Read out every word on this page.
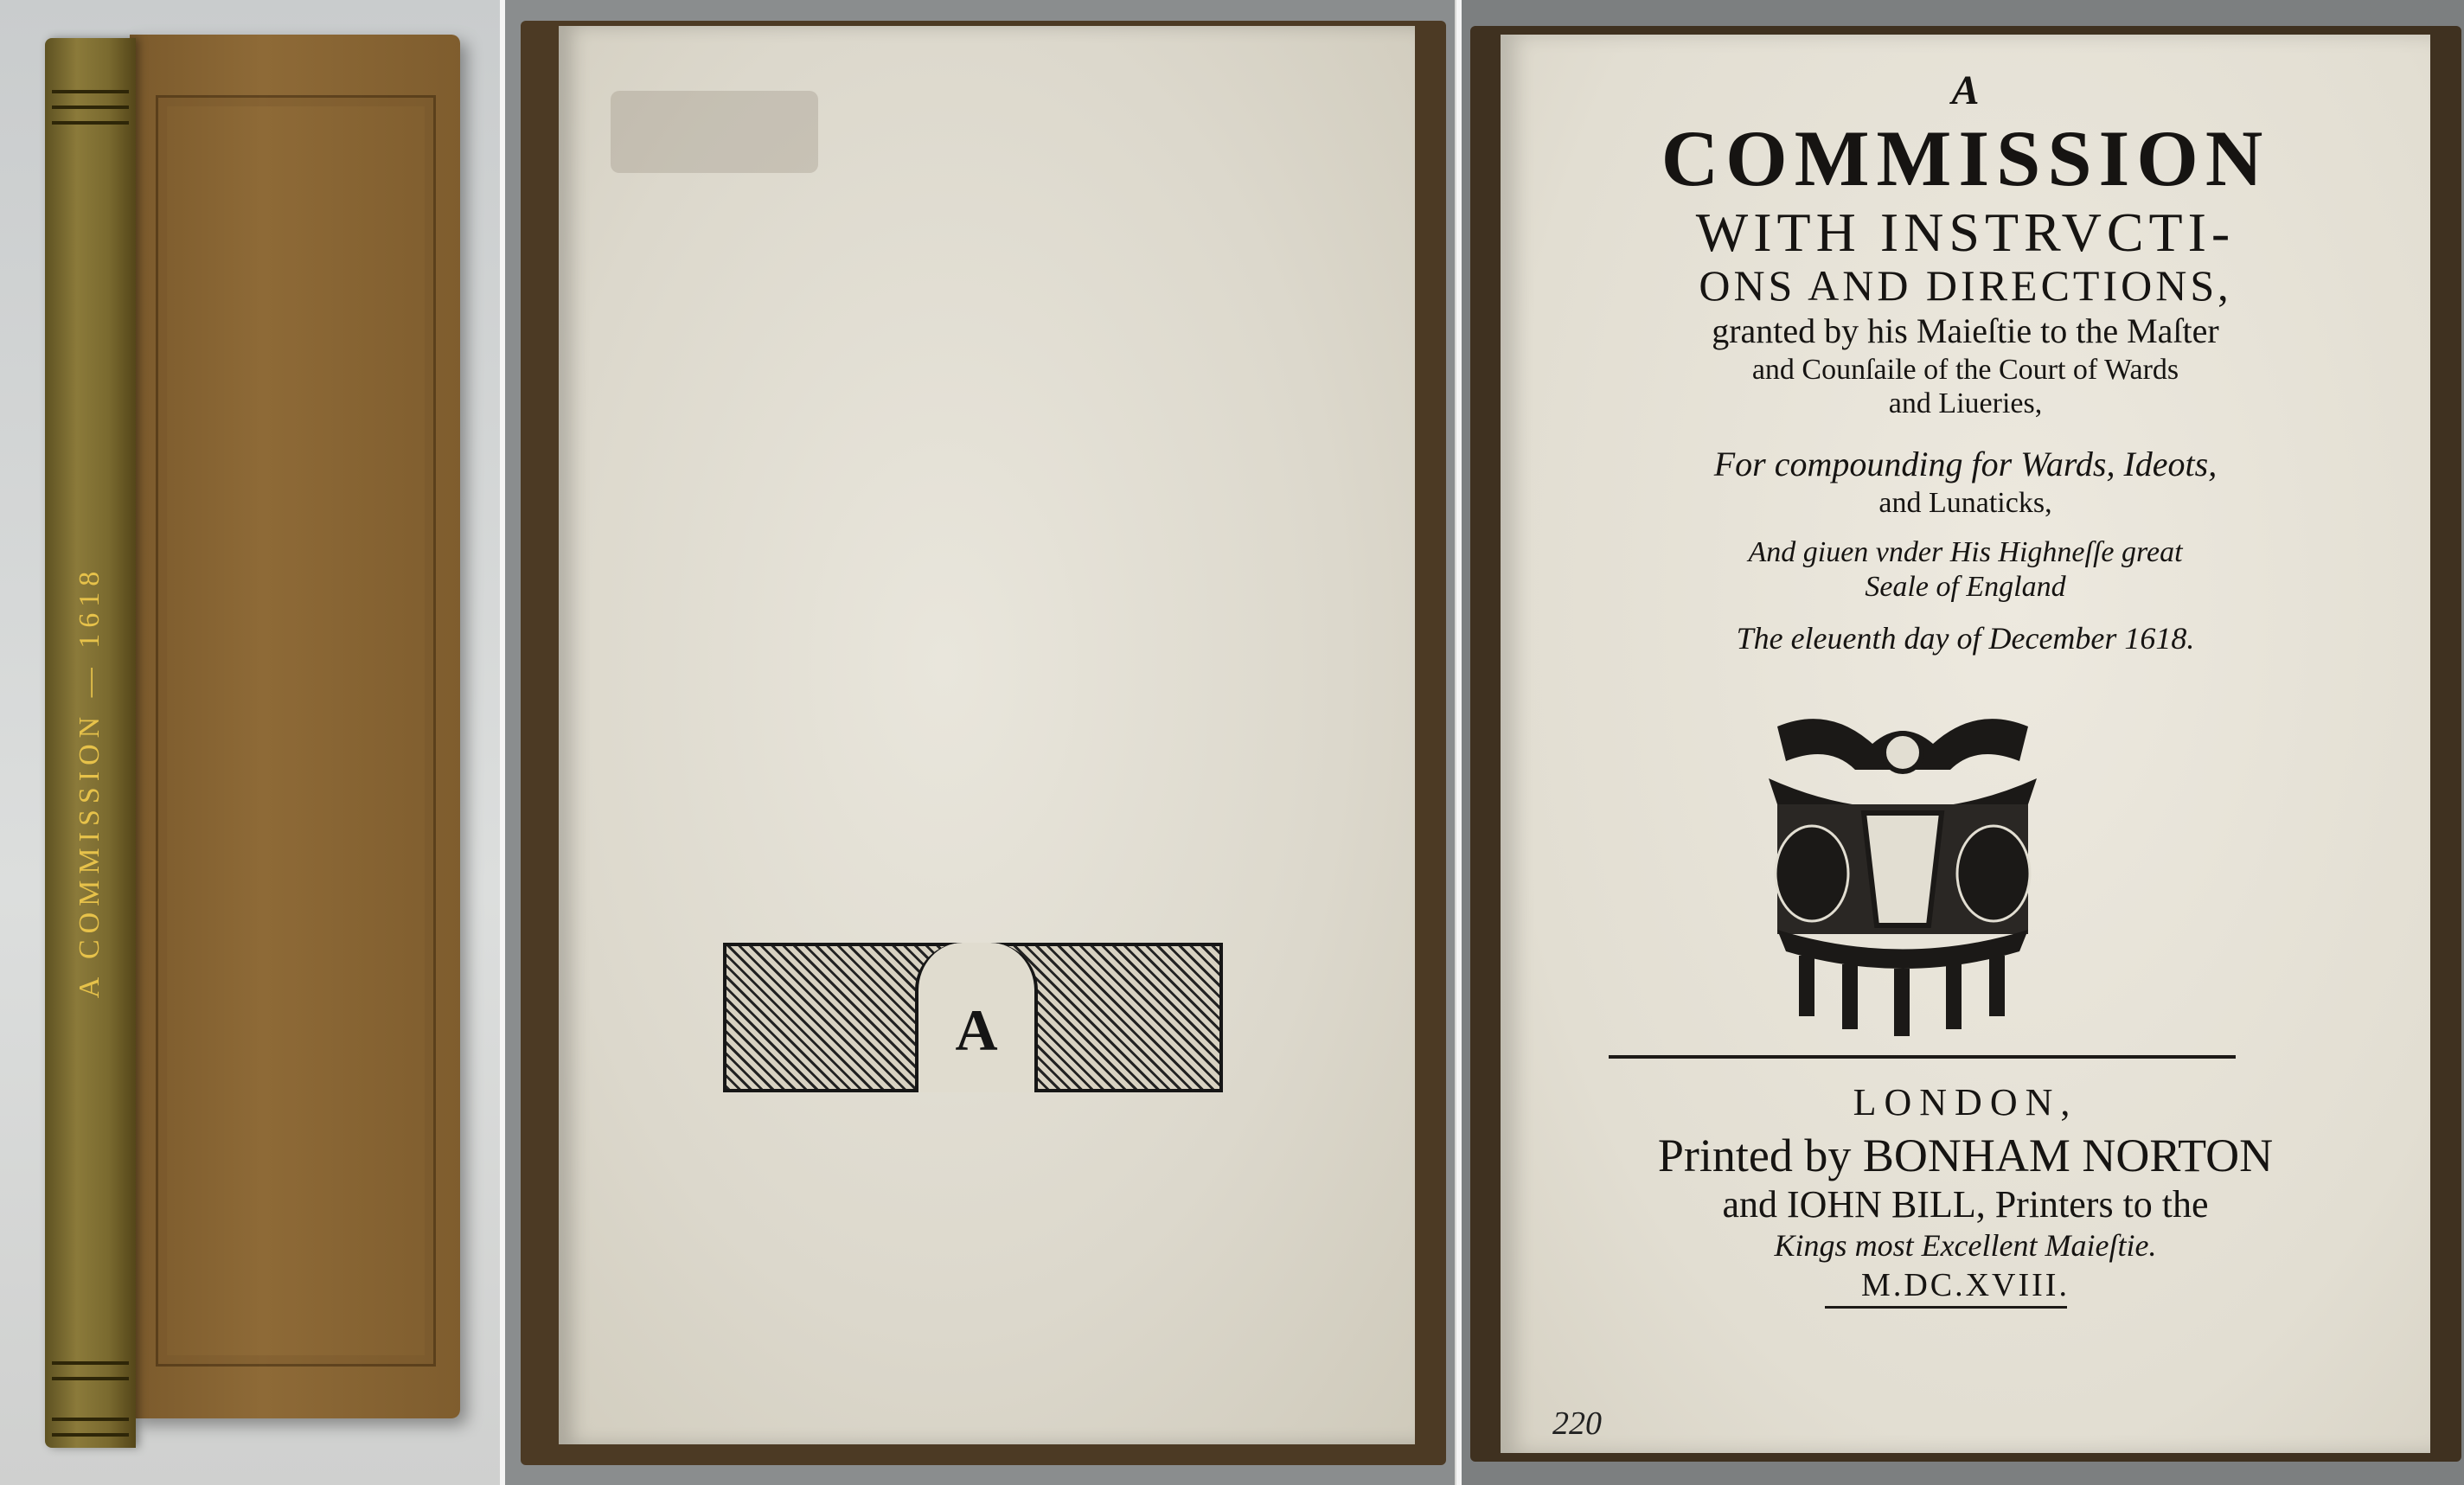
A COMMISSION — 1618
A
A
COMMISSION
WITH INSTRVCTI-
ONS AND DIRECTIONS,
granted by his Maieſtie to the Maſter
and Counſaile of the Court of Wards
and Liueries,
For compounding for Wards, Ideots,
and Lunaticks,
And giuen vnder His Highneſſe great
Seale of England
The eleuenth day of December 1618.
LONDON,
Printed by BONHAM NORTON
and IOHN BILL, Printers to the
Kings most Excellent Maieſtie.
M.DC.XVIII.
220
